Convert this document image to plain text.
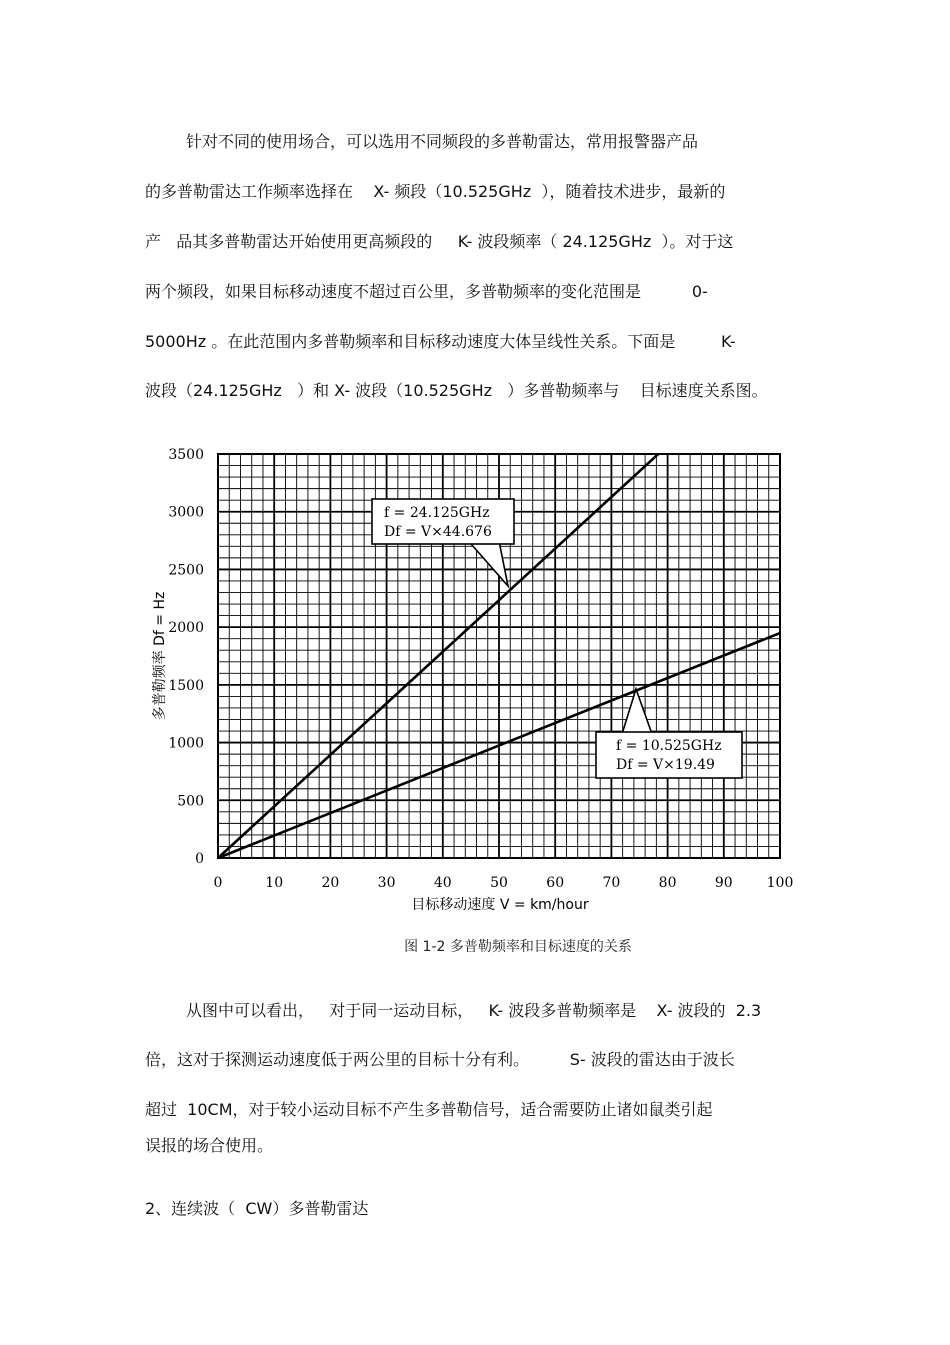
针对不同的使用场合，可以选用不同频段的多普勒雷达，常用报警器产品
的多普勒雷达工作频率选择在    X- 频段（10.525GHz  ），随着技术进步，最新的
产   品其多普勒雷达开始使用更高频段的     K- 波段频率（ 24.125GHz  ）。对于这
两个频段，如果目标移动速度不超过百公里，多普勒频率的变化范围是          0-
5000Hz 。在此范围内多普勒频率和目标移动速度大体呈线性关系。下面是         K-
波段（24.125GHz   ）和 X- 波段（10.525GHz   ）多普勒频率与    目标速度关系图。
0	10	20	30	40	50	60	70	80	90 100
0
500
1000
1500
2000
2500
3000
3500
f = 24.125GHz
Df = V×44.676
f = 10.525GHz
Df = V×19.49
目标移动速度 V = km/hour
多普勒频率 Df = Hz
图 1-2 多普勒频率和目标速度的关系
从图中可以看出，   对于同一运动目标，   K- 波段多普勒频率是    X- 波段的  2.3
倍，这对于探测运动速度低于两公里的目标十分有利。        S- 波段的雷达由于波长
超过  10CM，对于较小运动目标不产生多普勒信号，适合需要防止诸如鼠类引起
误报的场合使用。
2、连续波（  CW）多普勒雷达
